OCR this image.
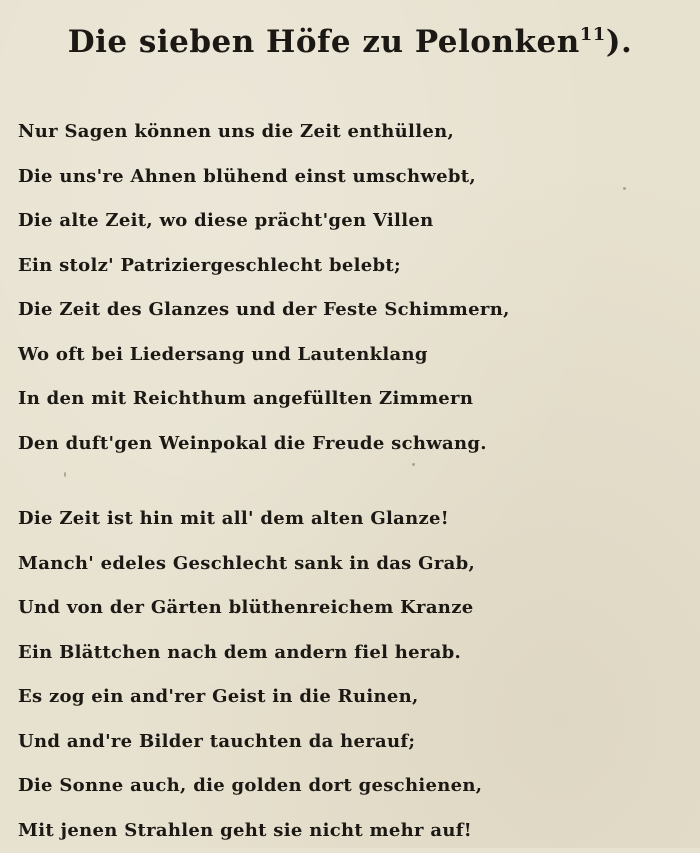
Die sieben Höfe zu Pelonken$^{11}$).
Nur Sagen können uns die Zeit enthüllen,
Die uns're Ahnen blühend einst umschwebt,
Die alte Zeit, wo diese prächt'gen Villen
Ein stolz' Patriziergeschlecht belebt;
Die Zeit des Glanzes und der Feste Schimmern,
Wo oft bei Liedersang und Lautenklang
In den mit Reichthum angefüllten Zimmern
Den duft'gen Weinpokal die Freude schwang.
Die Zeit ist hin mit all' dem alten Glanze!
Manch' edeles Geschlecht sank in das Grab,
Und von der Gärten blüthenreichem Kranze
Ein Blättchen nach dem andern fiel herab.
Es zog ein and'rer Geist in die Ruinen,
Und and're Bilder tauchten da herauf;
Die Sonne auch, die golden dort geschienen,
Mit jenen Strahlen geht sie nicht mehr auf!
